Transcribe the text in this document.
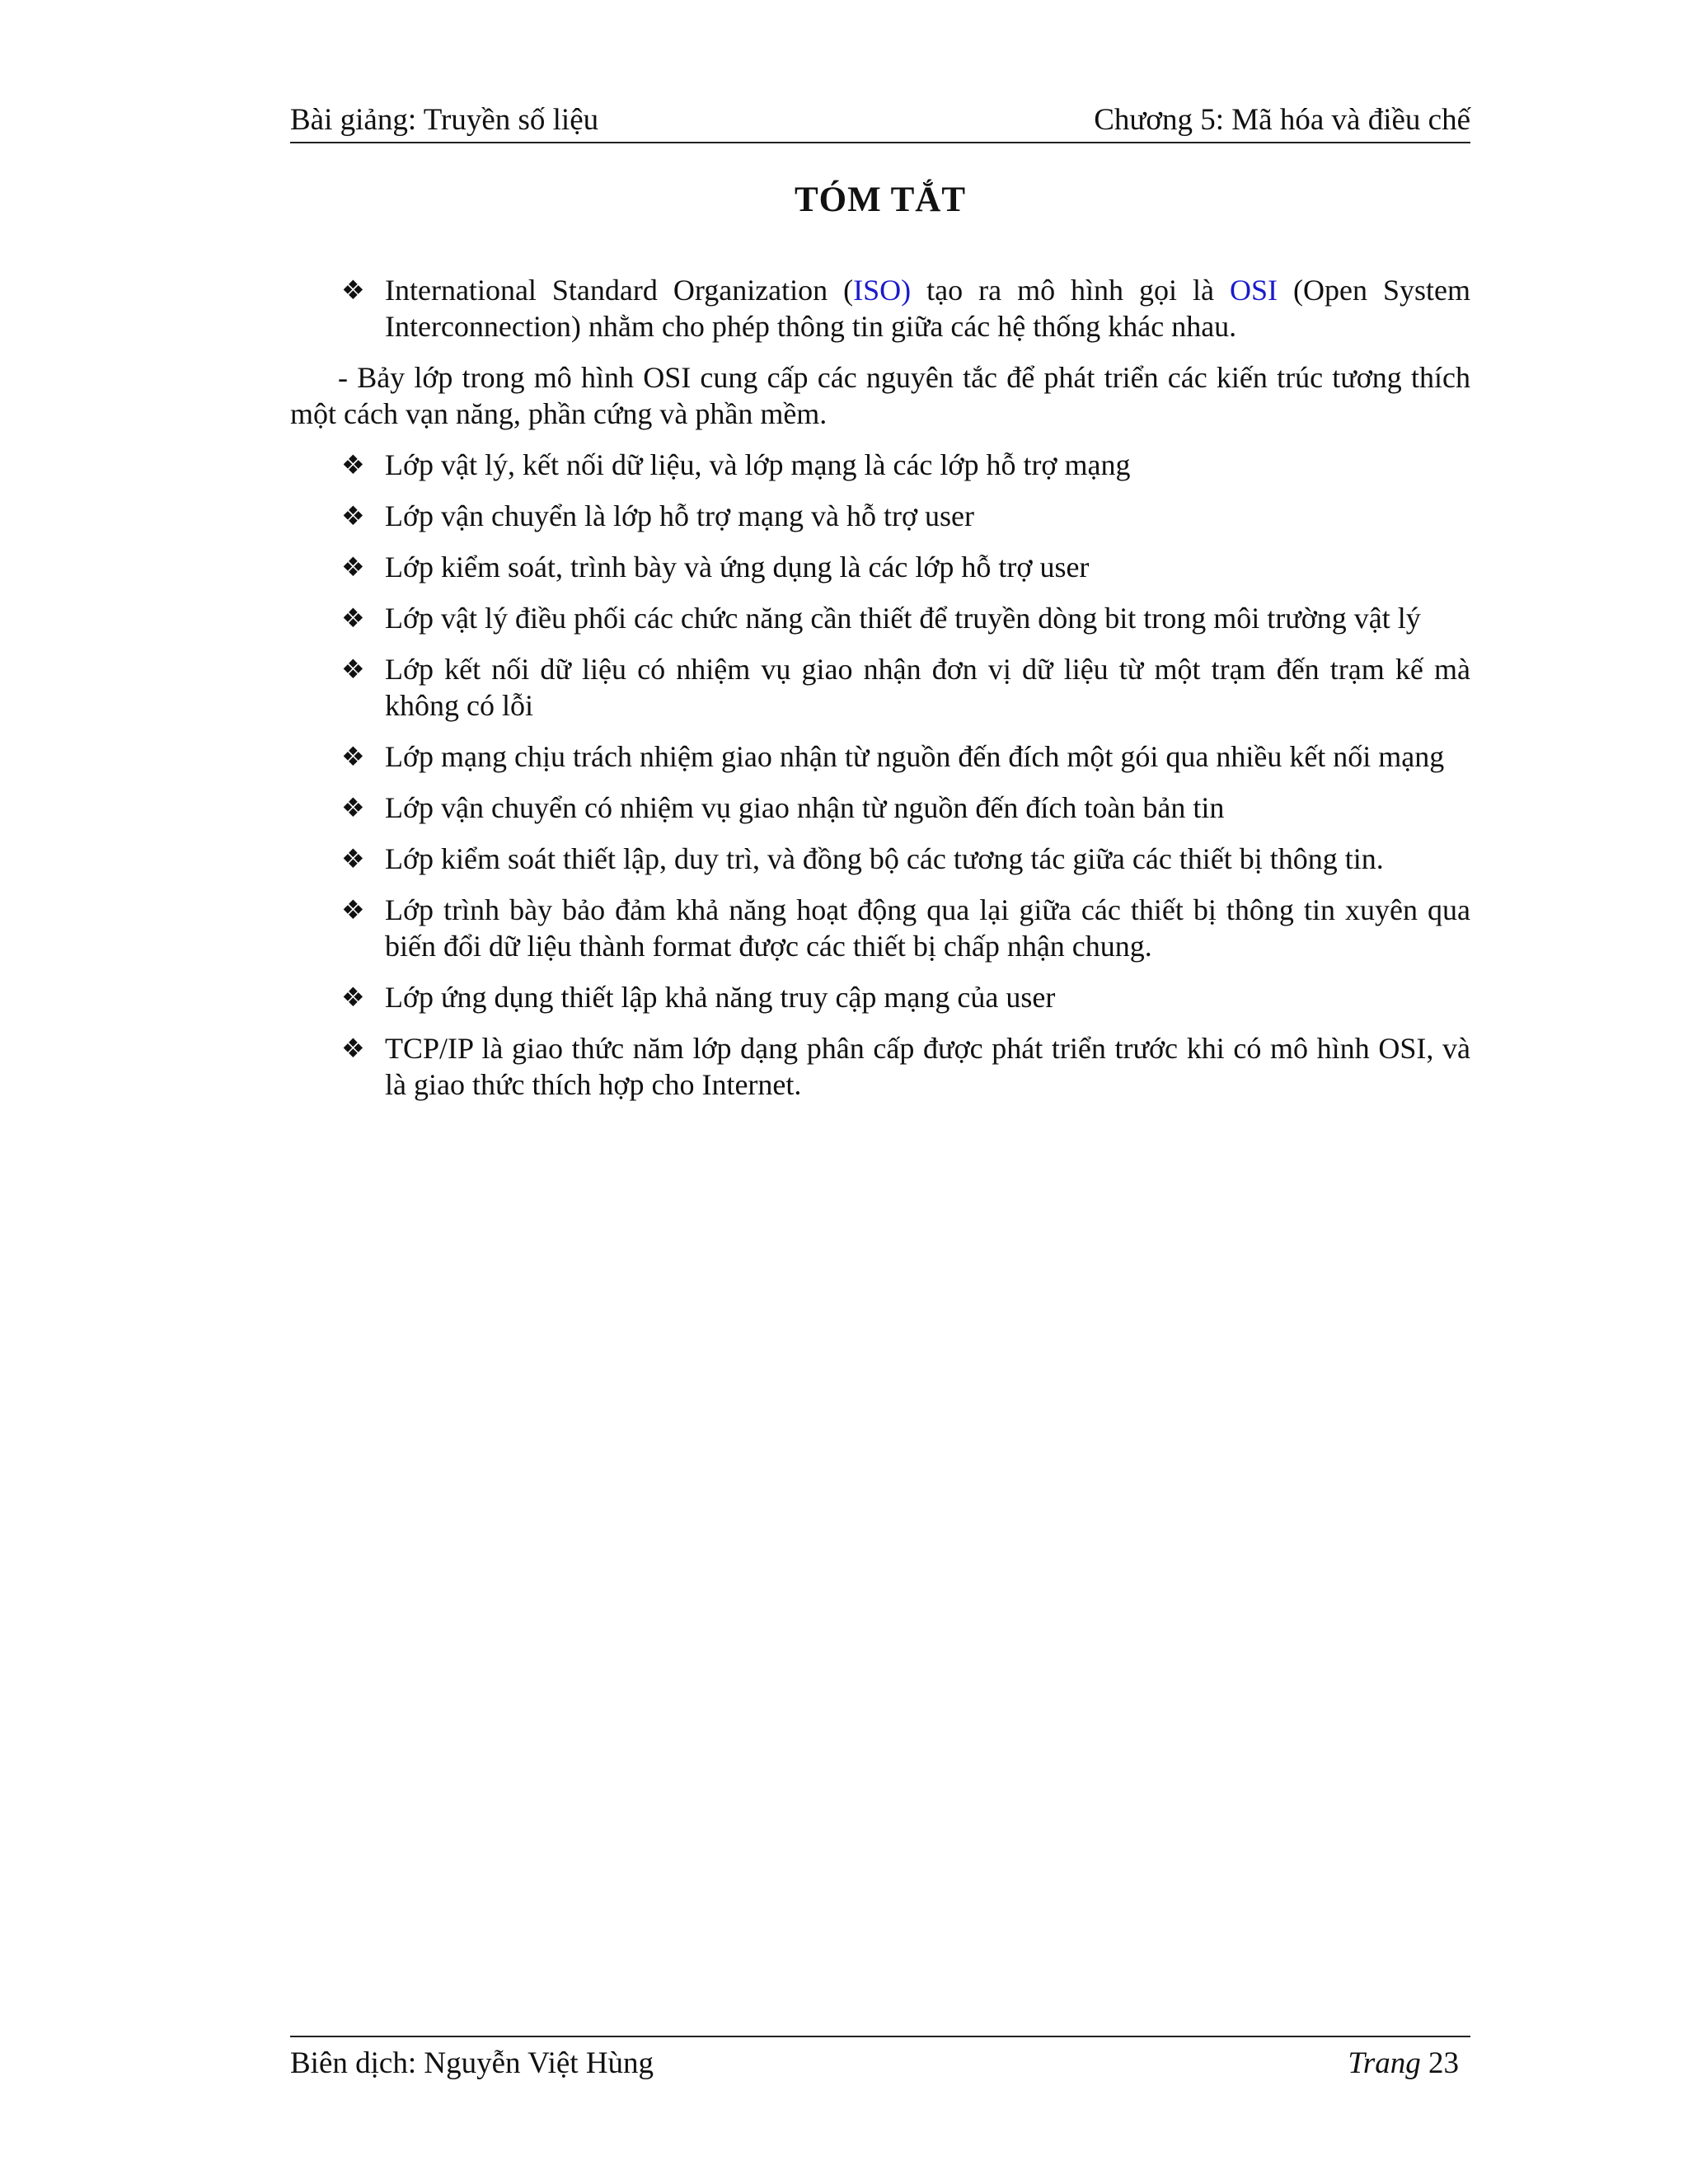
Bài giảng: Truyền số liệu	Chương 5: Mã hóa và điều chế
TÓM TẮT
❖ International Standard Organization (ISO) tạo ra mô hình gọi là OSI (Open System Interconnection) nhằm cho phép thông tin giữa các hệ thống khác nhau.
- Bảy lớp trong mô hình OSI cung cấp các nguyên tắc để phát triển các kiến trúc tương thích một cách vạn năng, phần cứng và phần mềm.
❖ Lớp vật lý, kết nối dữ liệu, và lớp mạng là các lớp hỗ trợ mạng
❖ Lớp vận chuyển là lớp hỗ trợ mạng và hỗ trợ user
❖ Lớp kiểm soát, trình bày và ứng dụng là các lớp hỗ trợ user
❖ Lớp vật lý điều phối các chức năng cần thiết để truyền dòng bit trong môi trường vật lý
❖ Lớp kết nối dữ liệu có nhiệm vụ giao nhận đơn vị dữ liệu từ một trạm đến trạm kế mà không có lỗi
❖ Lớp mạng chịu trách nhiệm giao nhận từ nguồn đến đích một gói qua nhiều kết nối mạng
❖ Lớp vận chuyển có nhiệm vụ giao nhận từ nguồn đến đích toàn bản tin
❖ Lớp kiểm soát thiết lập, duy trì, và đồng bộ các tương tác giữa các thiết bị thông tin.
❖ Lớp trình bày bảo đảm khả năng hoạt động qua lại giữa các thiết bị thông tin xuyên qua biến đổi dữ liệu thành format được các thiết bị chấp nhận chung.
❖ Lớp ứng dụng thiết lập khả năng truy cập mạng của user
❖ TCP/IP là giao thức năm lớp dạng phân cấp được phát triển trước khi có mô hình OSI, và là giao thức thích hợp cho Internet.
Biên dịch: Nguyễn Việt Hùng	Trang 23
